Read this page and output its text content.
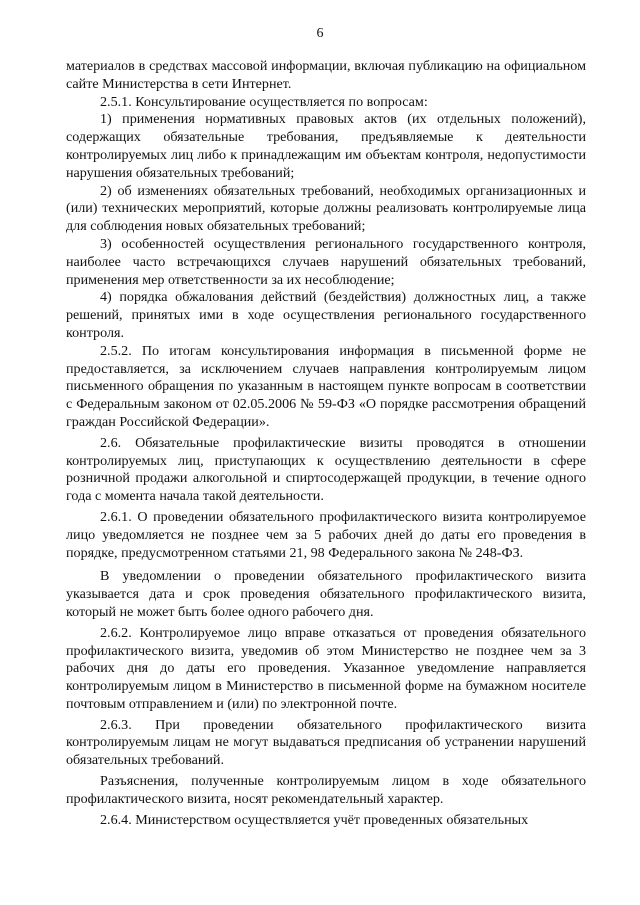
6

материалов в средствах массовой информации, включая публикацию на официальном сайте Министерства в сети Интернет.

2.5.1. Консультирование осуществляется по вопросам:

1) применения нормативных правовых актов (их отдельных положений), содержащих обязательные требования, предъявляемые к деятельности контролируемых лиц либо к принадлежащим им объектам контроля, недопустимости нарушения обязательных требований;

2) об изменениях обязательных требований, необходимых организационных и (или) технических мероприятий, которые должны реализовать контролируемые лица для соблюдения новых обязательных требований;

3) особенностей осуществления регионального государственного контроля, наиболее часто встречающихся случаев нарушений обязательных требований, применения мер ответственности за их несоблюдение;

4) порядка обжалования действий (бездействия) должностных лиц, а также решений, принятых ими в ходе осуществления регионального государственного контроля.

2.5.2. По итогам консультирования информация в письменной форме не предоставляется, за исключением случаев направления контролируемым лицом письменного обращения по указанным в настоящем пункте вопросам в соответствии с Федеральным законом от 02.05.2006 № 59-ФЗ «О порядке рассмотрения обращений граждан Российской Федерации».

2.6. Обязательные профилактические визиты проводятся в отношении контролируемых лиц, приступающих к осуществлению деятельности в сфере розничной продажи алкогольной и спиртосодержащей продукции, в течение одного года с момента начала такой деятельности.

2.6.1. О проведении обязательного профилактического визита контролируемое лицо уведомляется не позднее чем за 5 рабочих дней до даты его проведения в порядке, предусмотренном статьями 21, 98 Федерального закона № 248-ФЗ.

В уведомлении о проведении обязательного профилактического визита указывается дата и срок проведения обязательного профилактического визита, который не может быть более одного рабочего дня.

2.6.2. Контролируемое лицо вправе отказаться от проведения обязательного профилактического визита, уведомив об этом Министерство не позднее чем за 3 рабочих дня до даты его проведения. Указанное уведомление направляется контролируемым лицом в Министерство в письменной форме на бумажном носителе почтовым отправлением и (или) по электронной почте.

2.6.3. При проведении обязательного профилактического визита контролируемым лицам не могут выдаваться предписания об устранении нарушений обязательных требований.

Разъяснения, полученные контролируемым лицом в ходе обязательного профилактического визита, носят рекомендательный характер.

2.6.4. Министерством осуществляется учёт проведенных обязательных
